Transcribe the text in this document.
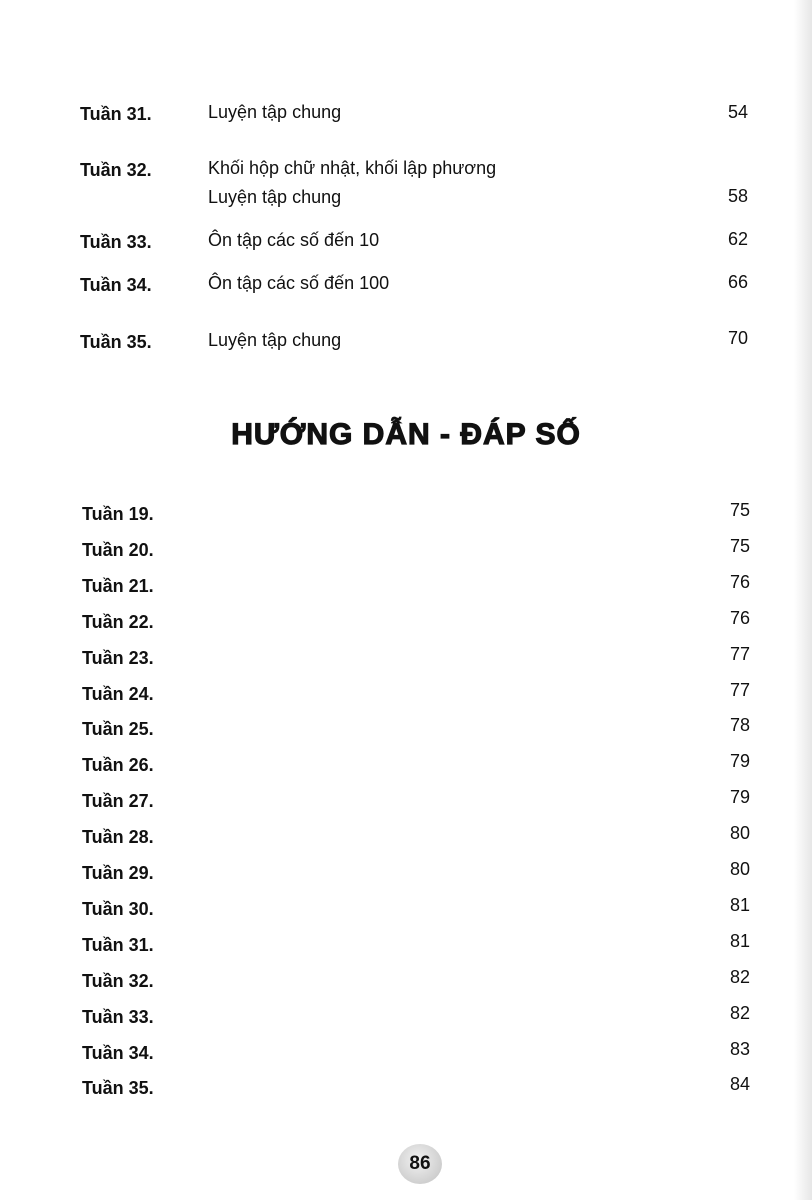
Tuần 31.	Luyện tập chung	54
Tuần 32.	Khối hộp chữ nhật, khối lập phương
Luyện tập chung	58
Tuần 33.	Ôn tập các số đến 10	62
Tuần 34.	Ôn tập các số đến 100	66
Tuần 35.	Luyện tập chung	70
HƯỚNG DẪN - ĐÁP SỐ
Tuần 19.	75
Tuần 20.	75
Tuần 21.	76
Tuần 22.	76
Tuần 23.	77
Tuần 24.	77
Tuần 25.	78
Tuần 26.	79
Tuần 27.	79
Tuần 28.	80
Tuần 29.	80
Tuần 30.	81
Tuần 31.	81
Tuần 32.	82
Tuần 33.	82
Tuần 34.	83
Tuần 35.	84
86
